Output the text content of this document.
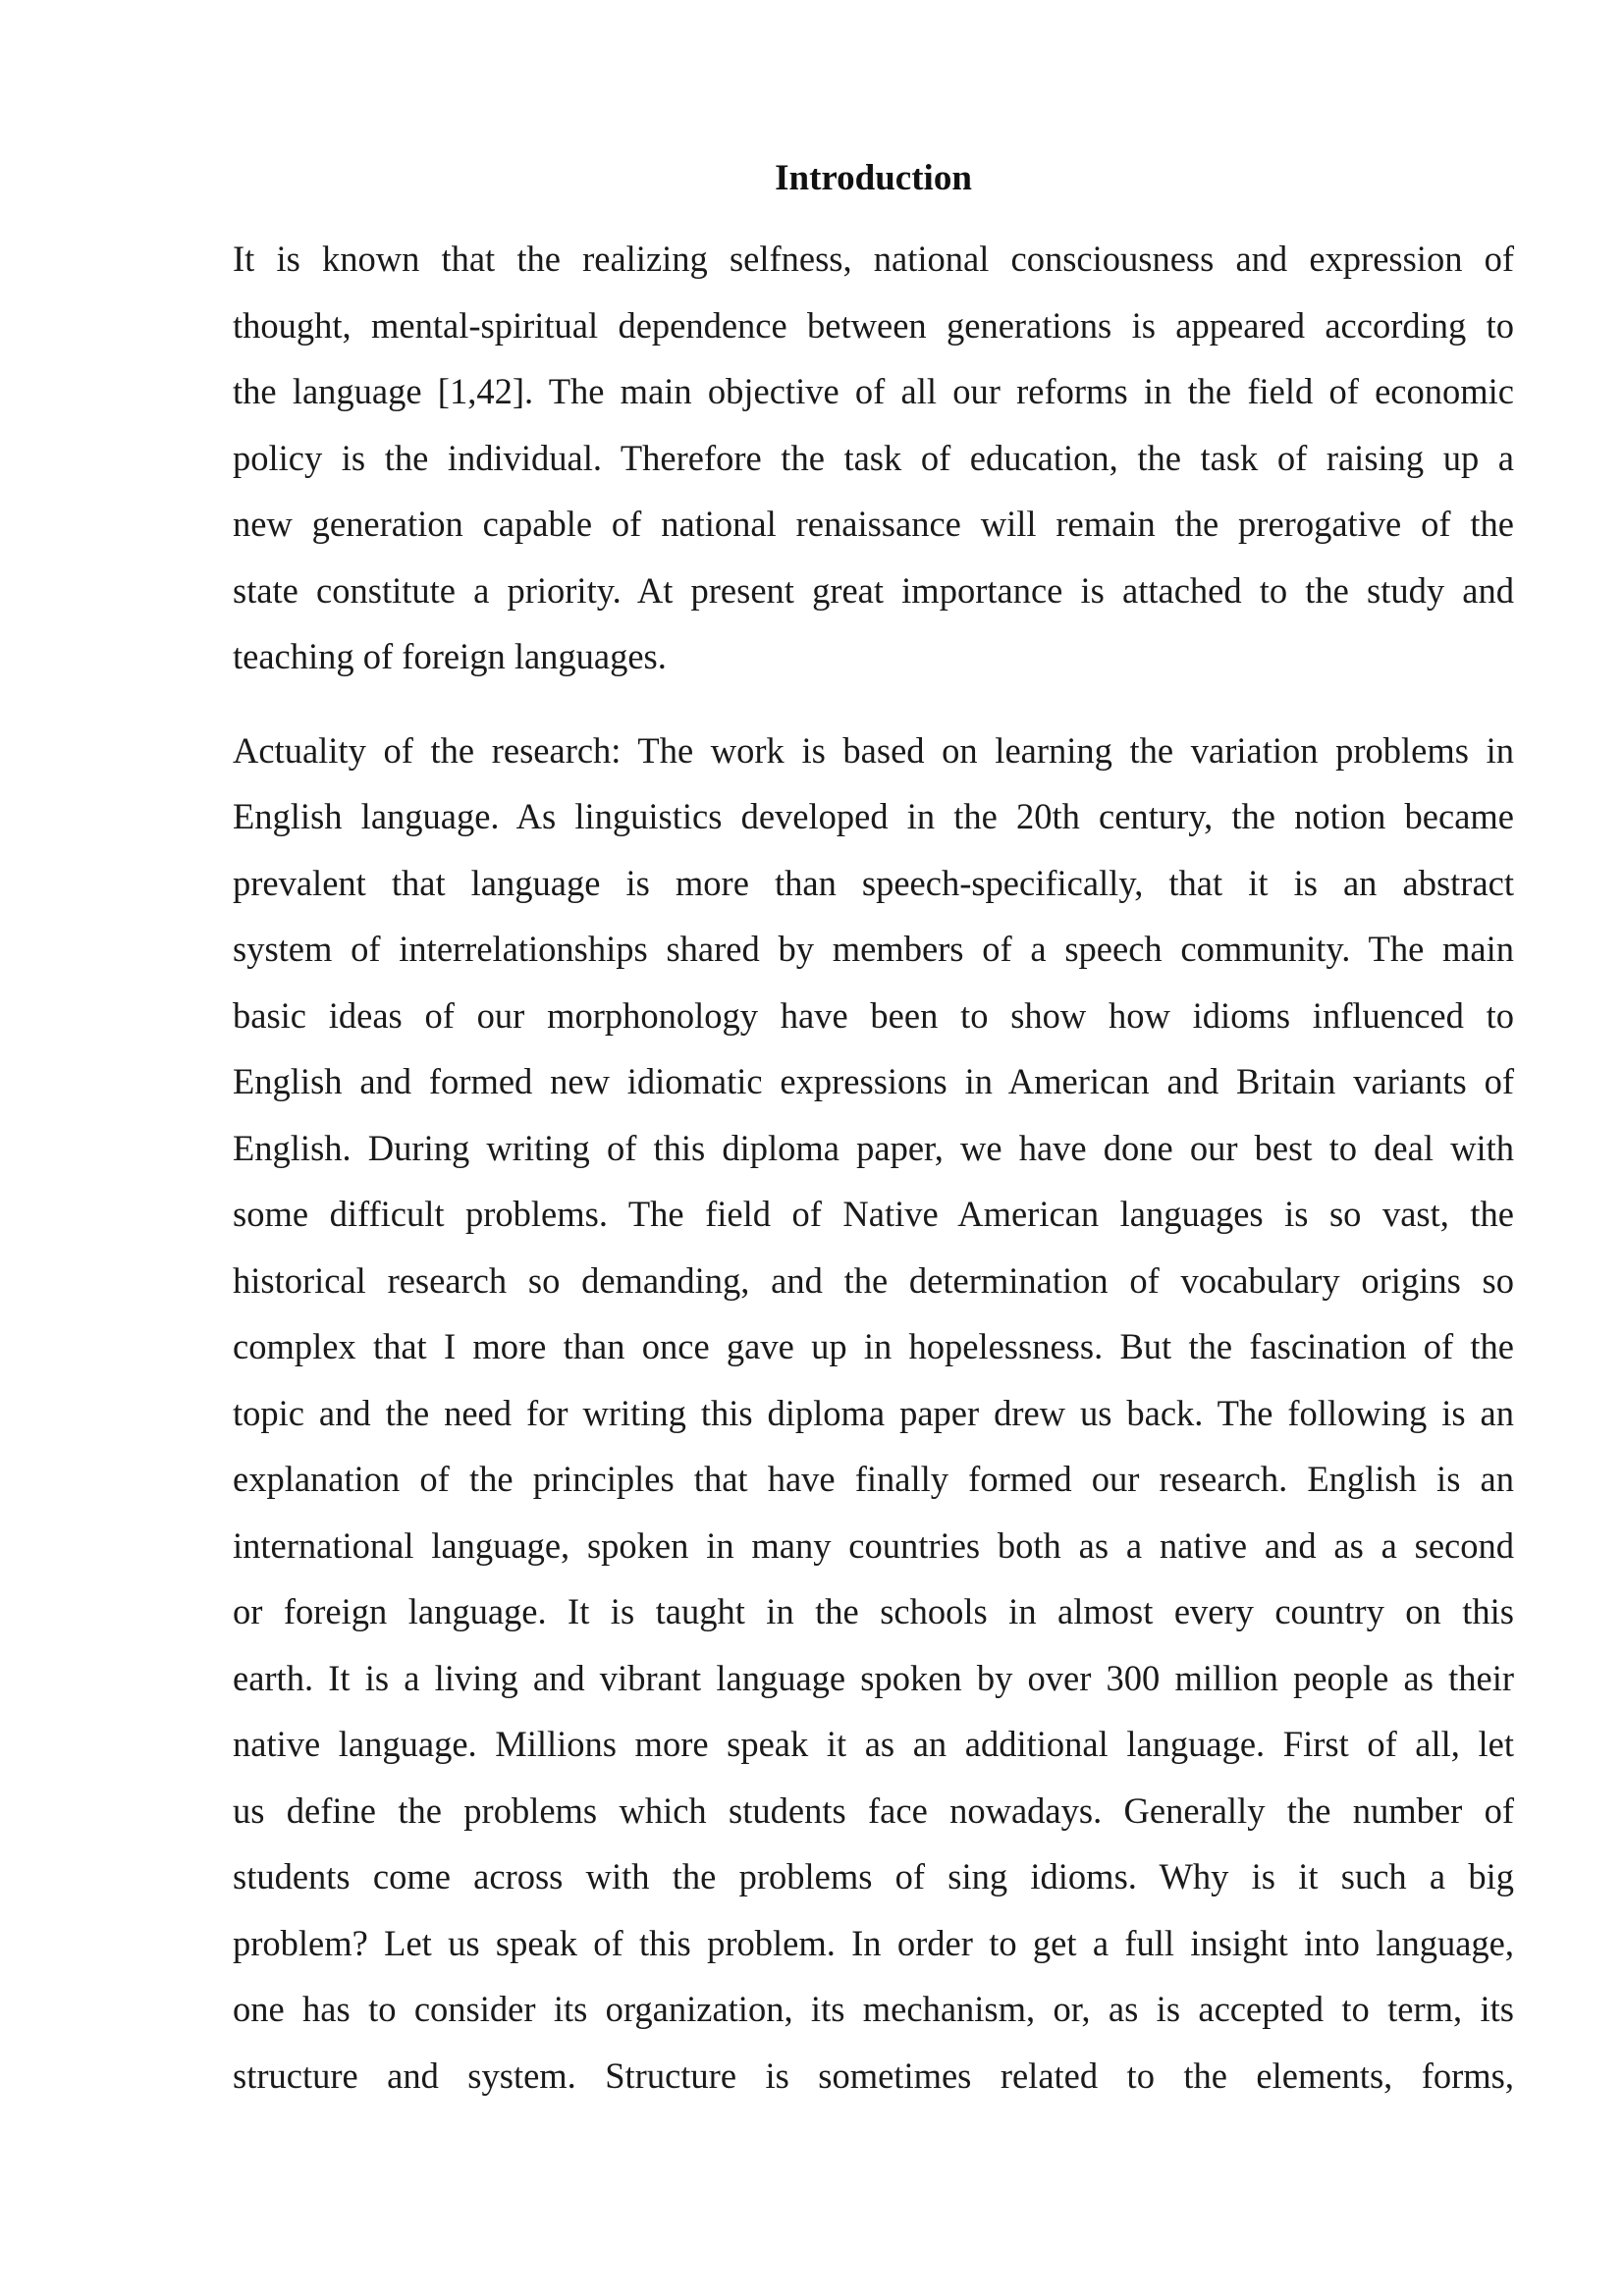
Introduction
It is known that the realizing selfness, national consciousness and expression of
thought, mental-spiritual dependence between generations is appeared according to
the language [1,42]. The main objective of all our reforms in the field of economic
policy is the individual. Therefore the task of education, the task of raising up a
new generation capable of national renaissance will remain the prerogative of the
state constitute a priority. At present great importance is attached to the study and
teaching of foreign languages.
Actuality of the research: The work is based on learning the variation problems in
English language. As linguistics developed in the 20th century, the notion became
prevalent that language is more than speech-specifically, that it is an abstract
system of interrelationships shared by members of a speech community. The main
basic ideas of our morphonology have been to show how idioms influenced to
English and formed new idiomatic expressions in American and Britain variants of
English. During writing of this diploma paper, we have done our best to deal with
some difficult problems. The field of Native American languages is so vast, the
historical research so demanding, and the determination of vocabulary origins so
complex that I more than once gave up in hopelessness. But the fascination of the
topic and the need for writing this diploma paper drew us back. The following is an
explanation of the principles that have finally formed our research. English is an
international language, spoken in many countries both as a native and as a second
or foreign language. It is taught in the schools in almost every country on this
earth. It is a living and vibrant language spoken by over 300 million people as their
native language. Millions more speak it as an additional language. First of all, let
us define the problems which students face nowadays. Generally the number of
students come across with the problems of sing idioms. Why is it such a big
problem? Let us speak of this problem. In order to get a full insight into language,
one has to consider its organization, its mechanism, or, as is accepted to term, its
structure and system. Structure is sometimes related to the elements, forms,
